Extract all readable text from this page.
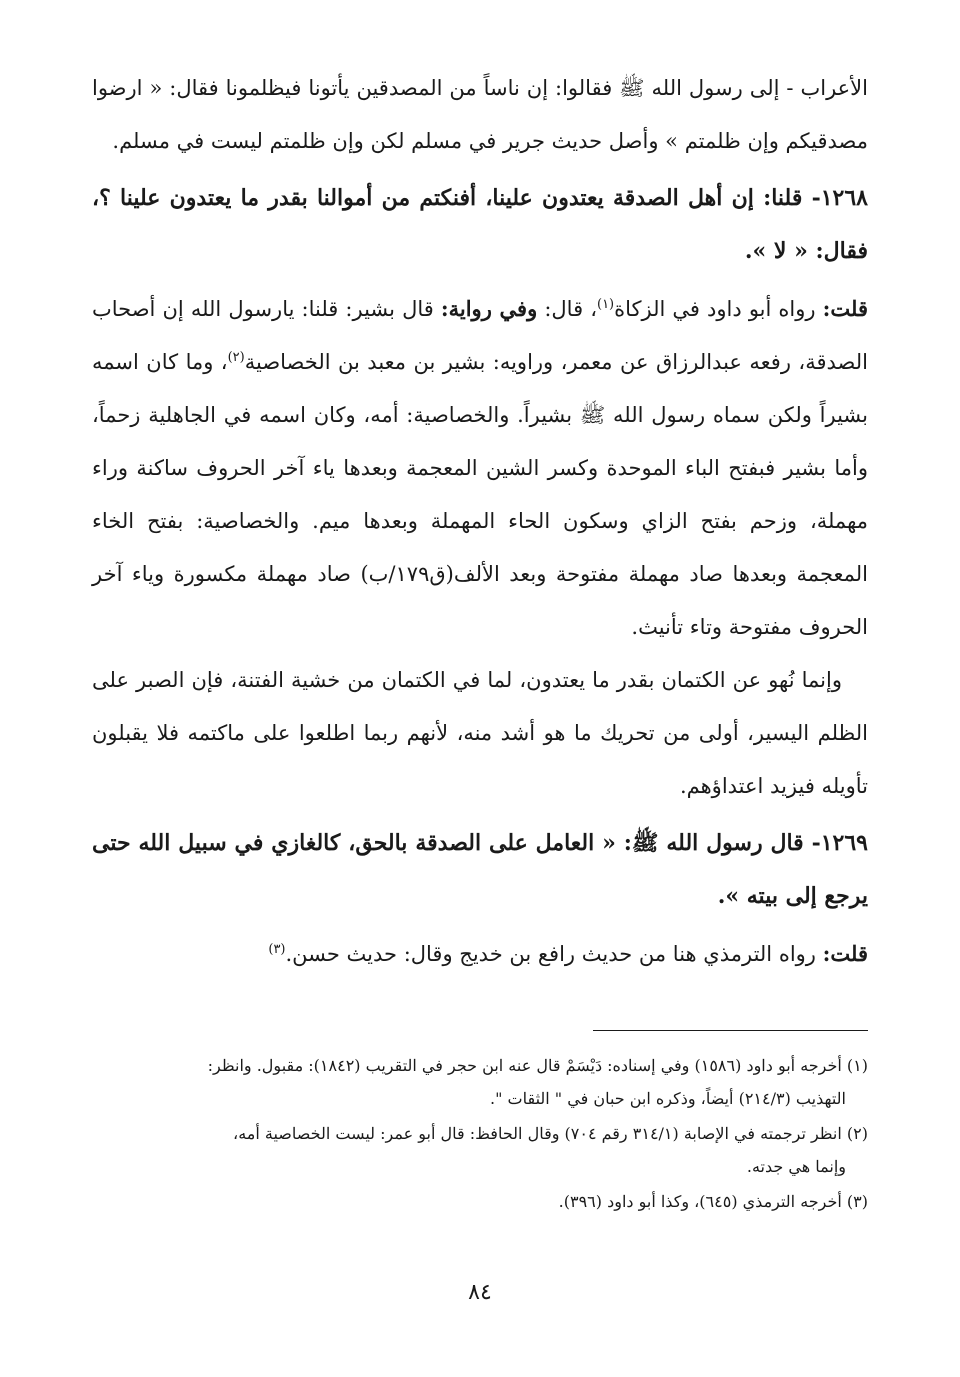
الأعراب - إلى رسول الله ﷺ فقالوا: إن ناساً من المصدقين يأتونا فيظلمونا فقال: « ارضوا مصدقيكم وإن ظلمتم » وأصل حديث جرير في مسلم لكن وإن ظلمتم ليست في مسلم.

١٢٦٨- قلنا: إن أهل الصدقة يعتدون علينا، أفنكتم من أموالنا بقدر ما يعتدون علينا ؟، فقال: « لا ».

قلت: رواه أبو داود في الزكاة$^{(١)}$، قال: وفي رواية: قال بشير: قلنا: يارسول الله إن أصحاب الصدقة، رفعه عبدالرزاق عن معمر، وراويه: بشير بن معبد بن الخصاصية$^{(٢)}$، وما كان اسمه بشيراً ولكن سماه رسول الله ﷺ بشيراً. والخصاصية: أمه، وكان اسمه في الجاهلية زحماً، وأما بشير فبفتح الباء الموحدة وكسر الشين المعجمة وبعدها ياء آخر الحروف ساكنة وراء مهملة، وزحم بفتح الزاي وسكون الحاء المهملة وبعدها ميم. والخصاصية: بفتح الخاء المعجمة وبعدها صاد مهملة مفتوحة وبعد الألف(ق١٧٩/ب) صاد مهملة مكسورة وياء آخر الحروف مفتوحة وتاء تأنيث.

وإنما نُهو عن الكتمان بقدر ما يعتدون، لما في الكتمان من خشية الفتنة، فإن الصبر على الظلم اليسير، أولى من تحريك ما هو أشد منه، لأنهم ربما اطلعوا على ماكتمه فلا يقبلون تأويله فيزيد اعتداؤهم.

١٢٦٩- قال رسول الله ﷺ: « العامل على الصدقة بالحق، كالغازي في سبيل الله حتى يرجع إلى بيته ».

قلت: رواه الترمذي هنا من حديث رافع بن خديج وقال: حديث حسن.$^{(٣)}$

(١) أخرجه أبو داود (١٥٨٦) وفي إسناده: دَيْسَمْ قال عنه ابن حجر في التقريب (١٨٤٢): مقبول. وانظر:

التهذيب (٢١٤/٣) أيضاً، وذكره ابن حبان في " الثقات ".

(٢) انظر ترجمته في الإصابة (٣١٤/١ رقم ٧٠٤) وقال الحافظ: قال أبو عمر: ليست الخصاصية أمه،

وإنما هي جدته.

(٣) أخرجه الترمذي (٦٤٥)، وكذا أبو داود (٣٩٦).

٨٤
